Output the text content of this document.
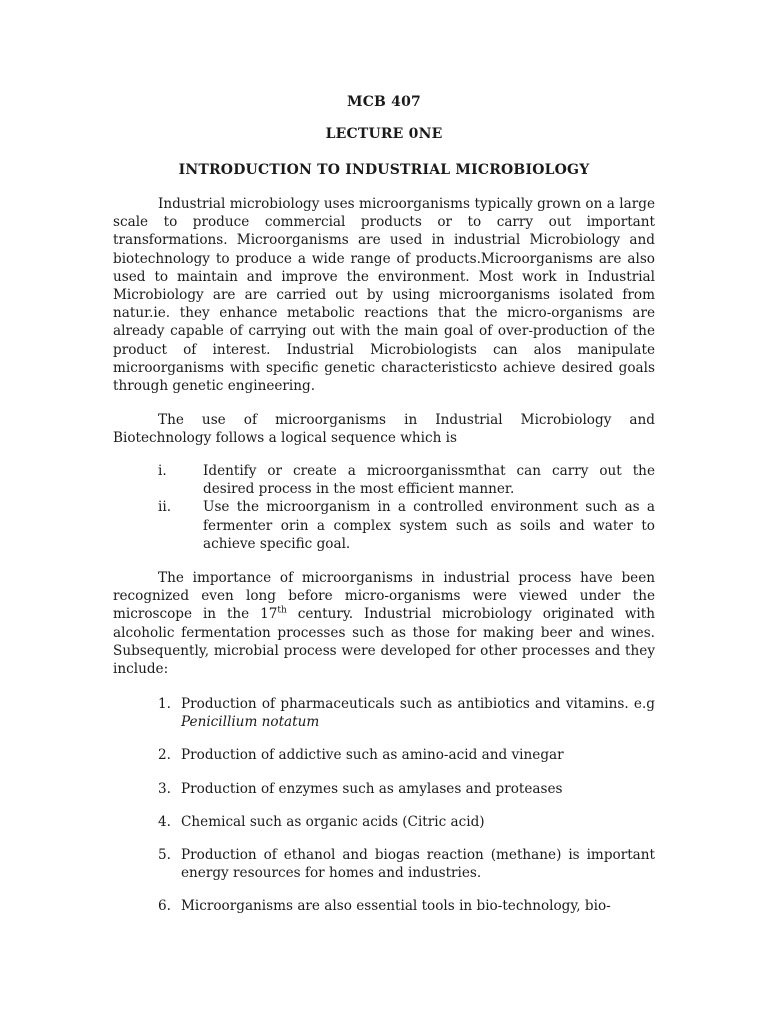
MCB 407
LECTURE 0NE
INTRODUCTION TO INDUSTRIAL MICROBIOLOGY

Industrial microbiology uses microorganisms typically grown on a large scale to produce commercial products or to carry out important transformations. Microorganisms are used in industrial Microbiology and biotechnology to produce a wide range of products.Microorganisms are also used to maintain and improve the environment. Most work in Industrial Microbiology are are carried out by using microorganisms isolated from natur.ie. they enhance metabolic reactions that the micro-organisms are already capable of carrying out with the main goal of over-production of the product of interest. Industrial Microbiologists can alos manipulate microorganisms with specific genetic characteristicsto achieve desired goals through genetic engineering.

The use of microorganisms in Industrial Microbiology and Biotechnology follows a logical sequence which is

i.	Identify or create a microorganissmthat can carry out the desired process in the most efficient manner.
ii. Use the microorganism in a controlled environment such as a fermenter orin a complex system such as soils and water to achieve specific goal.

The importance of microorganisms in industrial process have been recognized even long before micro-organisms were viewed under the microscope in the 17th century. Industrial microbiology originated with alcoholic fermentation processes such as those for making beer and wines. Subsequently, microbial process were developed for other processes and they include:

1. Production of pharmaceuticals such as antibiotics and vitamins. e.g Penicillium notatum
2. Production of addictive such as amino-acid and vinegar
3. Production of enzymes such as amylases and proteases
4. Chemical such as organic acids (Citric acid)
5. Production of ethanol and biogas reaction (methane) is important energy resources for homes and industries.
6. Microorganisms are also essential tools in bio-technology, bio-
